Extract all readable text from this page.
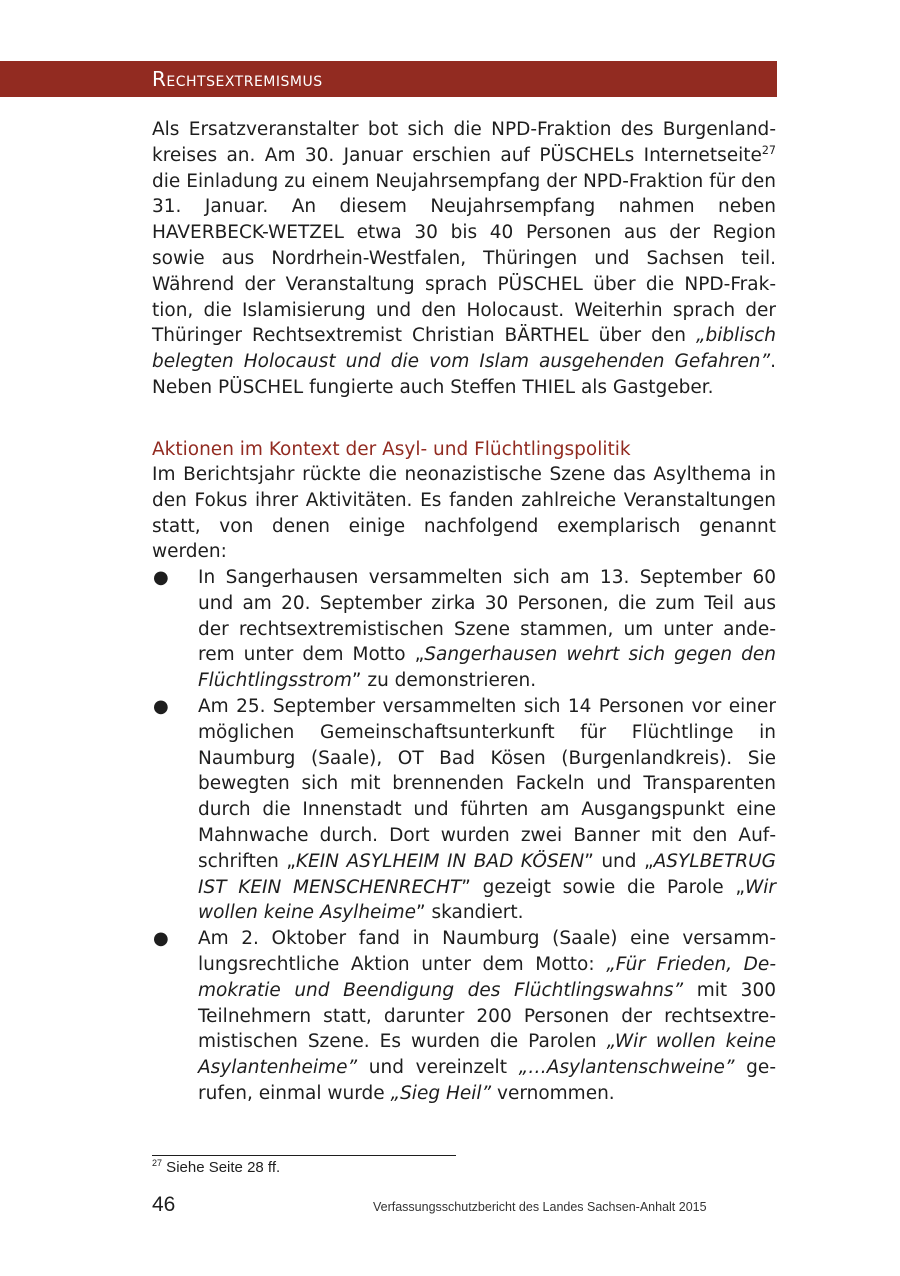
Rechtsextremismus

Als Ersatzveranstalter bot sich die NPD-Fraktion des Burgenlandkreises an. Am 30. Januar erschien auf PÜSCHELs Internetseite$^{27}$ die Einladung zu einem Neujahrsempfang der NPD-Fraktion für den 31. Januar. An diesem Neujahrsempfang nahmen neben HAVERBECK-WETZEL etwa 30 bis 40 Personen aus der Region sowie aus Nordrhein-Westfalen, Thüringen und Sachsen teil. Während der Veranstaltung sprach PÜSCHEL über die NPD-Fraktion, die Islamisierung und den Holocaust. Weiterhin sprach der Thüringer Rechtsextremist Christian BÄRTHEL über den „biblisch belegten Holocaust und die vom Islam ausgehenden Gefahren”. Neben PÜSCHEL fungierte auch Steffen THIEL als Gastgeber.

Aktionen im Kontext der Asyl- und Flüchtlingspolitik

Im Berichtsjahr rückte die neonazistische Szene das Asylthema in den Fokus ihrer Aktivitäten. Es fanden zahlreiche Veranstaltungen statt, von denen einige nachfolgend exemplarisch genannt werden:

● In Sangerhausen versammelten sich am 13. September 60 und am 20. September zirka 30 Personen, die zum Teil aus der rechtsextremistischen Szene stammen, um unter anderem unter dem Motto „Sangerhausen wehrt sich gegen den Flüchtlingsstrom” zu demonstrieren.
● Am 25. September versammelten sich 14 Personen vor einer möglichen Gemeinschaftsunterkunft für Flüchtlinge in Naumburg (Saale), OT Bad Kösen (Burgenlandkreis). Sie bewegten sich mit brennenden Fackeln und Transparenten durch die Innenstadt und führten am Ausgangspunkt eine Mahnwache durch. Dort wurden zwei Banner mit den Aufschriften „KEIN ASYLHEIM IN BAD KÖSEN” und „ASYLBETRUG IST KEIN MENSCHENRECHT” gezeigt sowie die Parole „Wir wollen keine Asylheime” skandiert.
● Am 2. Oktober fand in Naumburg (Saale) eine versammlungsrechtliche Aktion unter dem Motto: „Für Frieden, Demokratie und Beendigung des Flüchtlingswahns” mit 300 Teilnehmern statt, darunter 200 Personen der rechtsextremistischen Szene. Es wurden die Parolen „Wir wollen keine Asylantenheime” und vereinzelt „…Asylantenschweine” gerufen, einmal wurde „Sieg Heil” vernommen.

$^{27}$ Siehe Seite 28 ff.

46	Verfassungsschutzbericht des Landes Sachsen-Anhalt 2015
